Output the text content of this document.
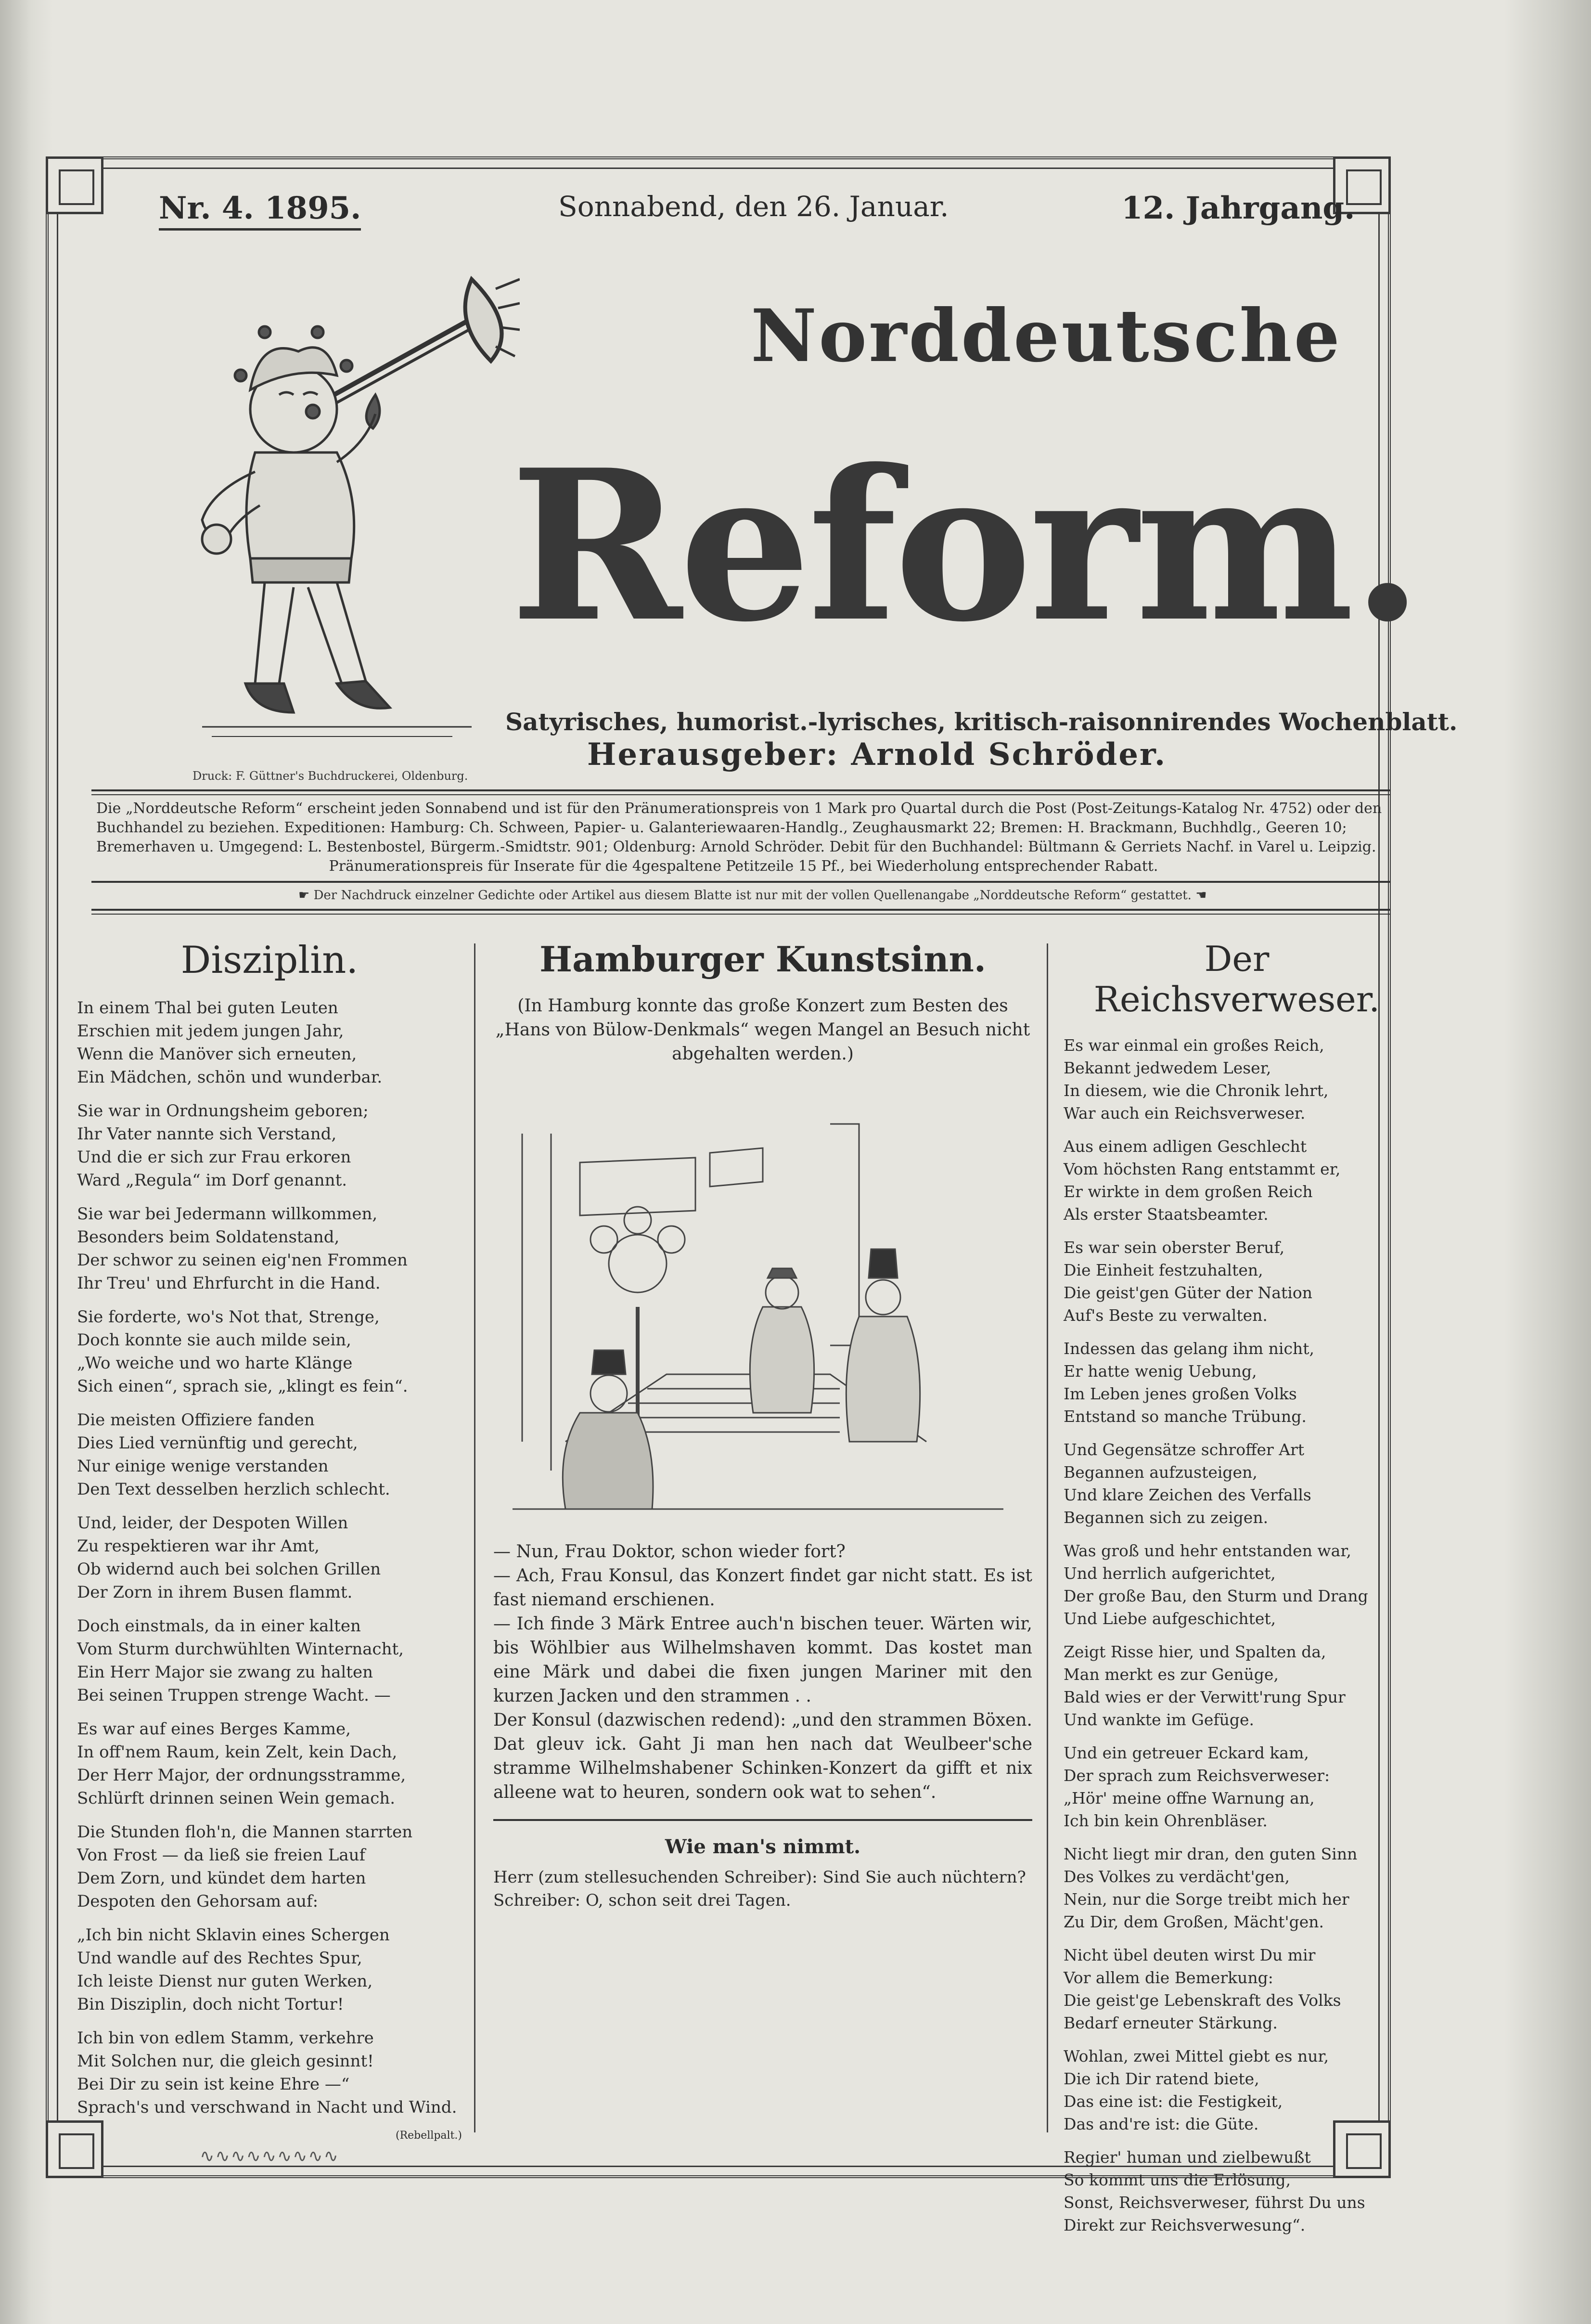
Nr. 4. 1895.	Sonnabend, den 26. Januar.	12. Jahrgang.
Norddeutsche
Reform.
Satyrisches, humorist.-lyrisches, kritisch-raisonnirendes Wochenblatt.
Herausgeber: Arnold Schröder.
Druck: F. Güttner's Buchdruckerei, Oldenburg.

Die „Norddeutsche Reform“ erscheint jeden Sonnabend und ist für den Pränumerationspreis von 1 Mark pro Quartal durch die Post (Post-Zeitungs-Katalog Nr. 4752) oder den

Buchhandel zu beziehen. Expeditionen: Hamburg: Ch. Schween, Papier- u. Galanteriewaaren-Handlg., Zeughausmarkt 22; Bremen: H. Brackmann, Buchhdlg., Geeren 10;

Bremerhaven u. Umgegend: L. Bestenbostel, Bürgerm.-Smidtstr. 901; Oldenburg: Arnold Schröder. Debit für den Buchhandel: Bültmann & Gerriets Nachf. in Varel u. Leipzig.

Pränumerationspreis für Inserate für die 4gespaltene Petitzeile 15 Pf., bei Wiederholung entsprechender Rabatt.

☛ Der Nachdruck einzelner Gedichte oder Artikel aus diesem Blatte ist nur mit der vollen Quellenangabe „Norddeutsche Reform“ gestattet. ☚
Disziplin.
In einem Thal bei guten Leuten
Erschien mit jedem jungen Jahr,
Wenn die Manöver sich erneuten,
Ein Mädchen, schön und wunderbar.
Sie war in Ordnungsheim geboren;
Ihr Vater nannte sich Verstand,
Und die er sich zur Frau erkoren
Ward „Regula“ im Dorf genannt.
Sie war bei Jedermann willkommen,
Besonders beim Soldatenstand,
Der schwor zu seinen eig'nen Frommen
Ihr Treu' und Ehrfurcht in die Hand.
Sie forderte, wo's Not that, Strenge,
Doch konnte sie auch milde sein,
„Wo weiche und wo harte Klänge
Sich einen“, sprach sie, „klingt es fein“.
Die meisten Offiziere fanden
Dies Lied vernünftig und gerecht,
Nur einige wenige verstanden
Den Text desselben herzlich schlecht.
Und, leider, der Despoten Willen
Zu respektieren war ihr Amt,
Ob widernd auch bei solchen Grillen
Der Zorn in ihrem Busen flammt.
Doch einstmals, da in einer kalten
Vom Sturm durchwühlten Winternacht,
Ein Herr Major sie zwang zu halten
Bei seinen Truppen strenge Wacht. —
Es war auf eines Berges Kamme,
In off'nem Raum, kein Zelt, kein Dach,
Der Herr Major, der ordnungsstramme,
Schlürft drinnen seinen Wein gemach.
Die Stunden floh'n, die Mannen starrten
Von Frost — da ließ sie freien Lauf
Dem Zorn, und kündet dem harten
Despoten den Gehorsam auf:
„Ich bin nicht Sklavin eines Schergen
Und wandle auf des Rechtes Spur,
Ich leiste Dienst nur guten Werken,
Bin Disziplin, doch nicht Tortur!
Ich bin von edlem Stamm, verkehre
Mit Solchen nur, die gleich gesinnt!
Bei Dir zu sein ist keine Ehre —“
Sprach's und verschwand in Nacht und Wind.
(Rebellpalt.)
∿∿∿∿∿∿∿∿∿
Hamburger Kunstsinn.
(In Hamburg konnte das große Konzert zum Besten des „Hans von Bülow-Denkmals“ wegen Mangel an Besuch nicht abgehalten werden.)

— Nun, Frau Doktor, schon wieder fort?

— Ach, Frau Konsul, das Konzert findet gar nicht statt. Es ist fast niemand erschienen.

— Ich finde 3 Märk Entree auch'n bischen teuer. Wärten wir, bis Wöhlbier aus Wilhelmshaven kommt. Das kostet man eine Märk und dabei die fixen jungen Mariner mit den kurzen Jacken und den strammen . .

Der Konsul (dazwischen redend): „und den strammen Böxen. Dat gleuv ick. Gaht Ji man hen nach dat Weulbeer'sche stramme Wilhelmshabener Schinken-Konzert da gifft et nix alleene wat to heuren, sondern ook wat to sehen“.

Wie man's nimmt.

Herr (zum stellesuchenden Schreiber): Sind Sie auch nüchtern?

Schreiber: O, schon seit drei Tagen.

Der Reichsverweser.
Es war einmal ein großes Reich,
Bekannt jedwedem Leser,
In diesem, wie die Chronik lehrt,
War auch ein Reichsverweser.
Aus einem adligen Geschlecht
Vom höchsten Rang entstammt er,
Er wirkte in dem großen Reich
Als erster Staatsbeamter.
Es war sein oberster Beruf,
Die Einheit festzuhalten,
Die geist'gen Güter der Nation
Auf's Beste zu verwalten.
Indessen das gelang ihm nicht,
Er hatte wenig Uebung,
Im Leben jenes großen Volks
Entstand so manche Trübung.
Und Gegensätze schroffer Art
Begannen aufzusteigen,
Und klare Zeichen des Verfalls
Begannen sich zu zeigen.
Was groß und hehr entstanden war,
Und herrlich aufgerichtet,
Der große Bau, den Sturm und Drang
Und Liebe aufgeschichtet,
Zeigt Risse hier, und Spalten da,
Man merkt es zur Genüge,
Bald wies er der Verwitt'rung Spur
Und wankte im Gefüge.
Und ein getreuer Eckard kam,
Der sprach zum Reichsverweser:
„Hör' meine offne Warnung an,
Ich bin kein Ohrenbläser.
Nicht liegt mir dran, den guten Sinn
Des Volkes zu verdächt'gen,
Nein, nur die Sorge treibt mich her
Zu Dir, dem Großen, Mächt'gen.
Nicht übel deuten wirst Du mir
Vor allem die Bemerkung:
Die geist'ge Lebenskraft des Volks
Bedarf erneuter Stärkung.
Wohlan, zwei Mittel giebt es nur,
Die ich Dir ratend biete,
Das eine ist: die Festigkeit,
Das and're ist: die Güte.
Regier' human und zielbewußt
So kommt uns die Erlösung,
Sonst, Reichsverweser, führst Du uns
Direkt zur Reichsverwesung“.
